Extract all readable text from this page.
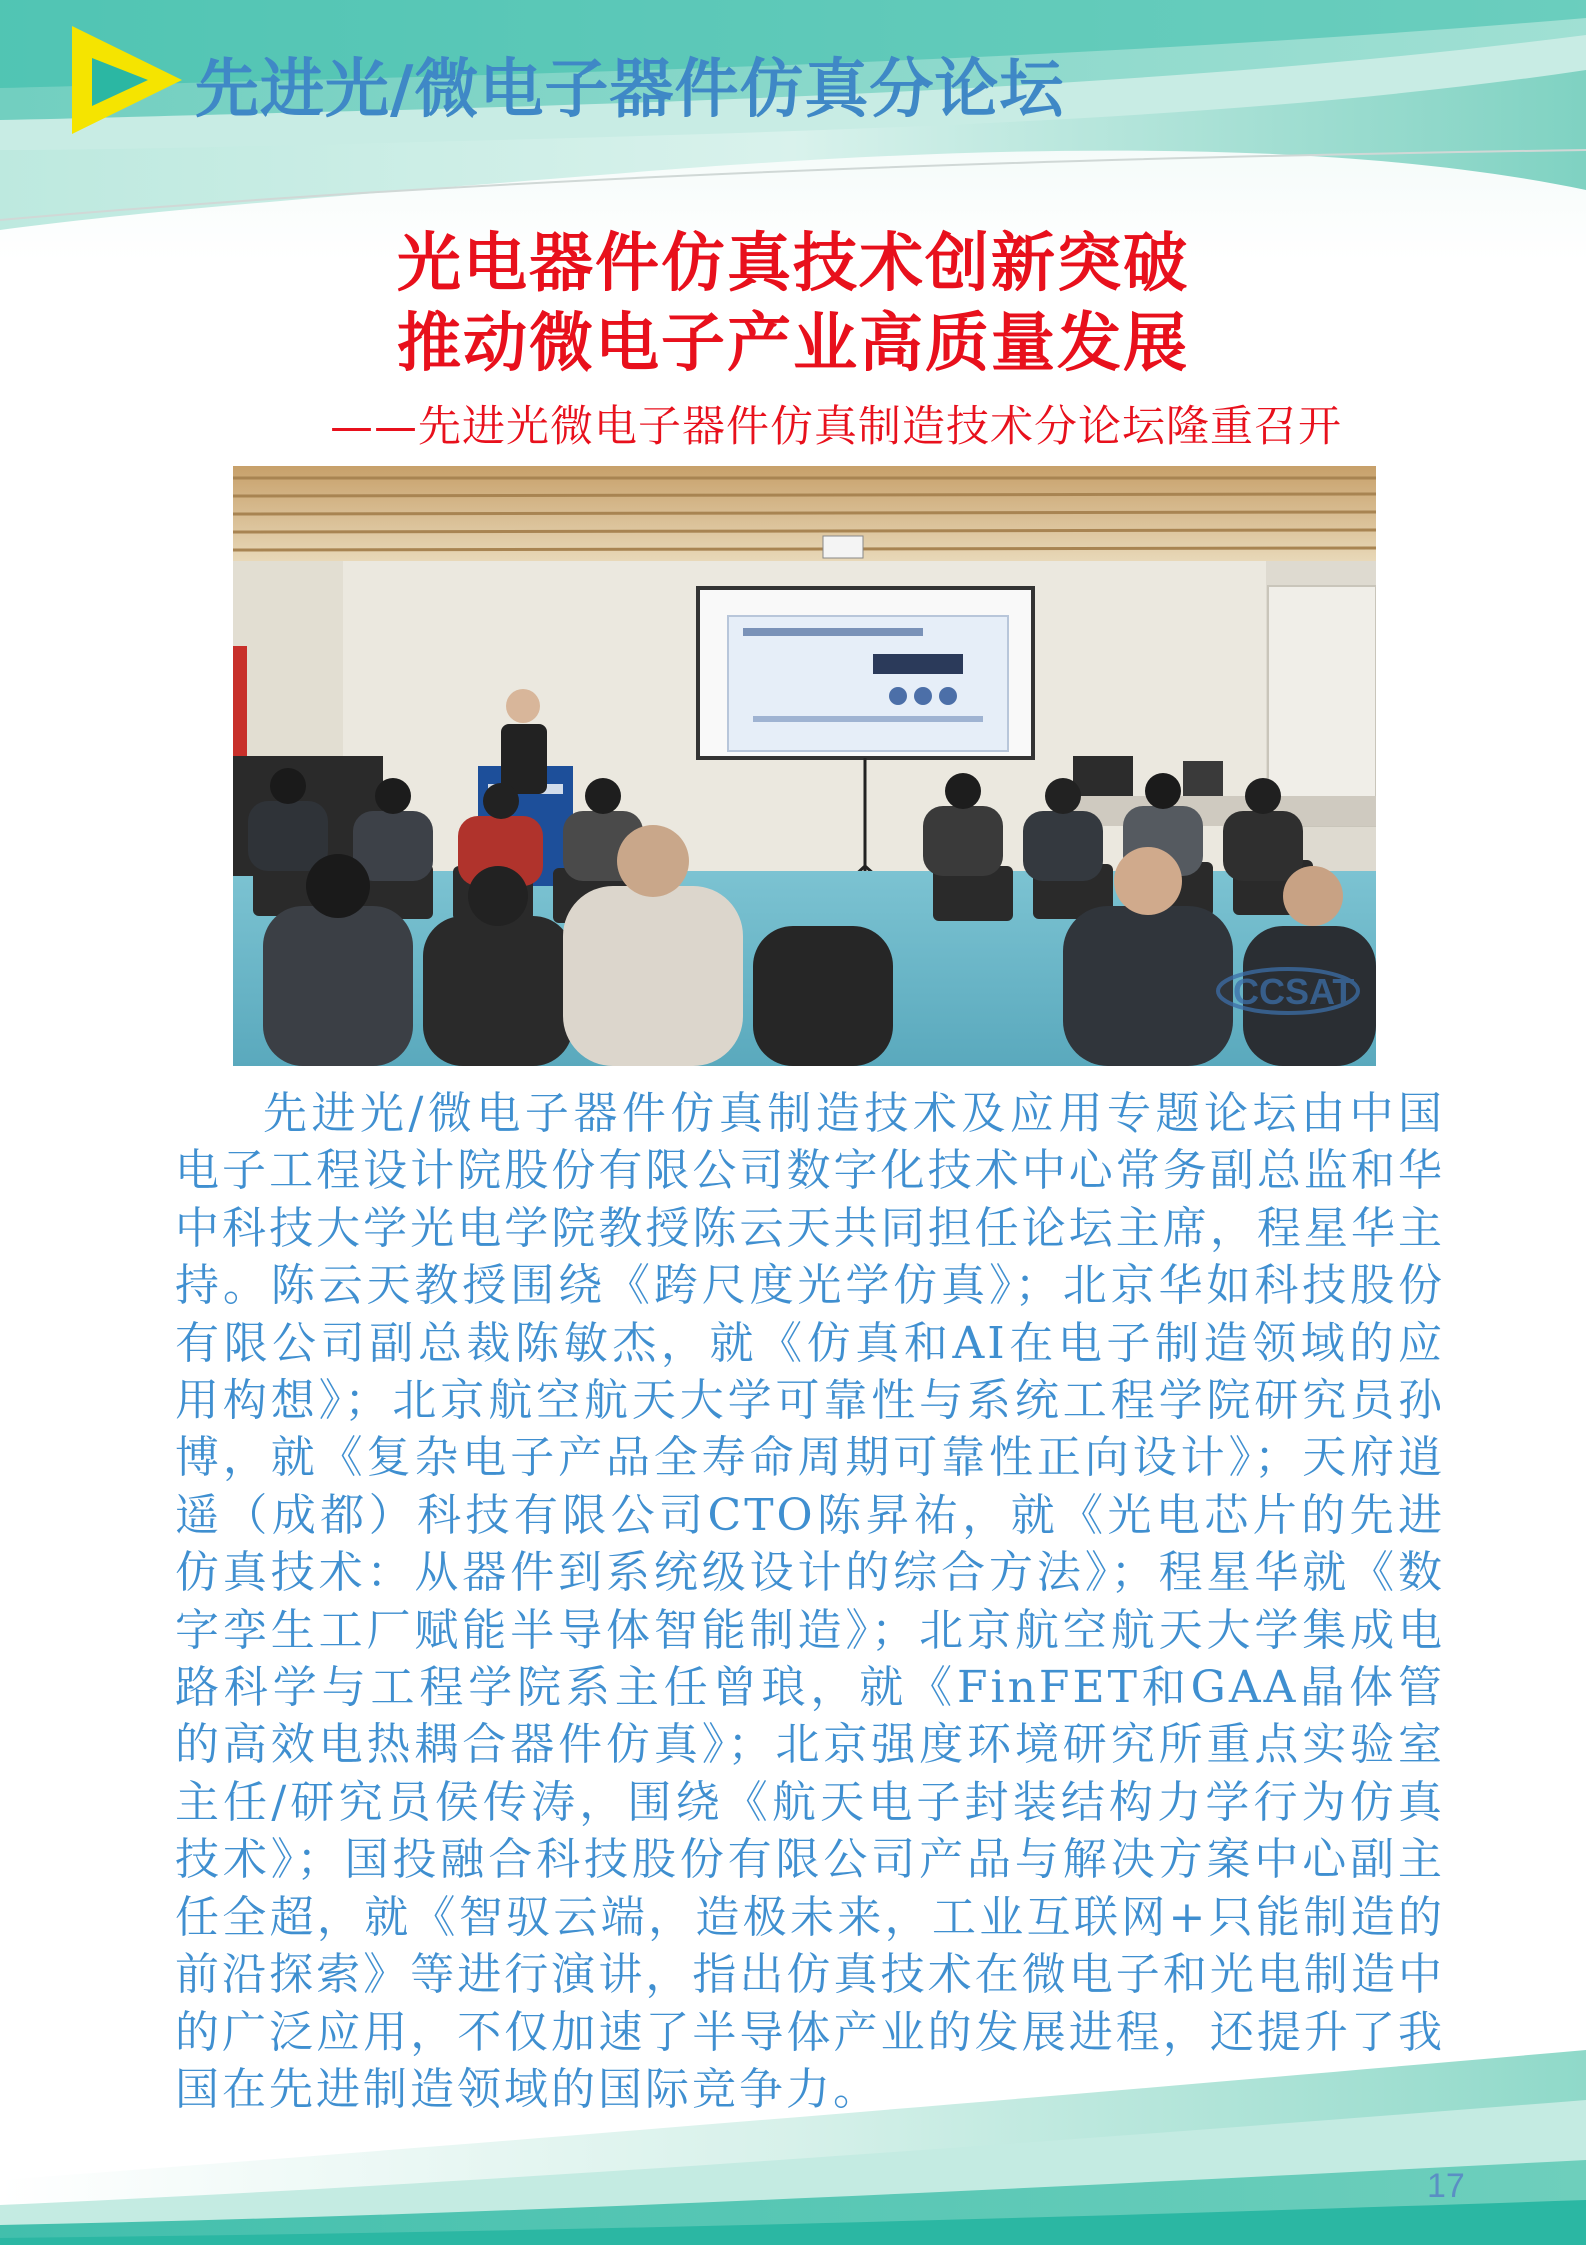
先进光/微电子器件仿真分论坛
光电器件仿真技术创新突破
推动微电子产业高质量发展
——先进光微电子器件仿真制造技术分论坛隆重召开
CCSAT
先进光/微电子器件仿真制造技术及应用专题论坛由中国电子工程设计院股份有限公司数字化技术中心常务副总监和华中科技大学光电学院教授陈云天共同担任论坛主席，程星华主持。陈云天教授围绕《跨尺度光学仿真》；北京华如科技股份有限公司副总裁陈敏杰，就《仿真和AI在电子制造领域的应用构想》；北京航空航天大学可靠性与系统工程学院研究员孙博，就《复杂电子产品全寿命周期可靠性正向设计》；天府逍遥（成都）科技有限公司CTO陈昇祐，就《光电芯片的先进仿真技术：从器件到系统级设计的综合方法》；程星华就《数字孪生工厂赋能半导体智能制造》；北京航空航天大学集成电路科学与工程学院系主任曾琅，就《FinFET和GAA晶体管的高效电热耦合器件仿真》；北京强度环境研究所重点实验室主任/研究员侯传涛，围绕《航天电子封装结构力学行为仿真技术》；国投融合科技股份有限公司产品与解决方案中心副主任全超，就《智驭云端，造极未来，工业互联网+只能制造的前沿探索》等进行演讲，指出仿真技术在微电子和光电制造中的广泛应用，不仅加速了半导体产业的发展进程，还提升了我国在先进制造领域的国际竞争力。
17
